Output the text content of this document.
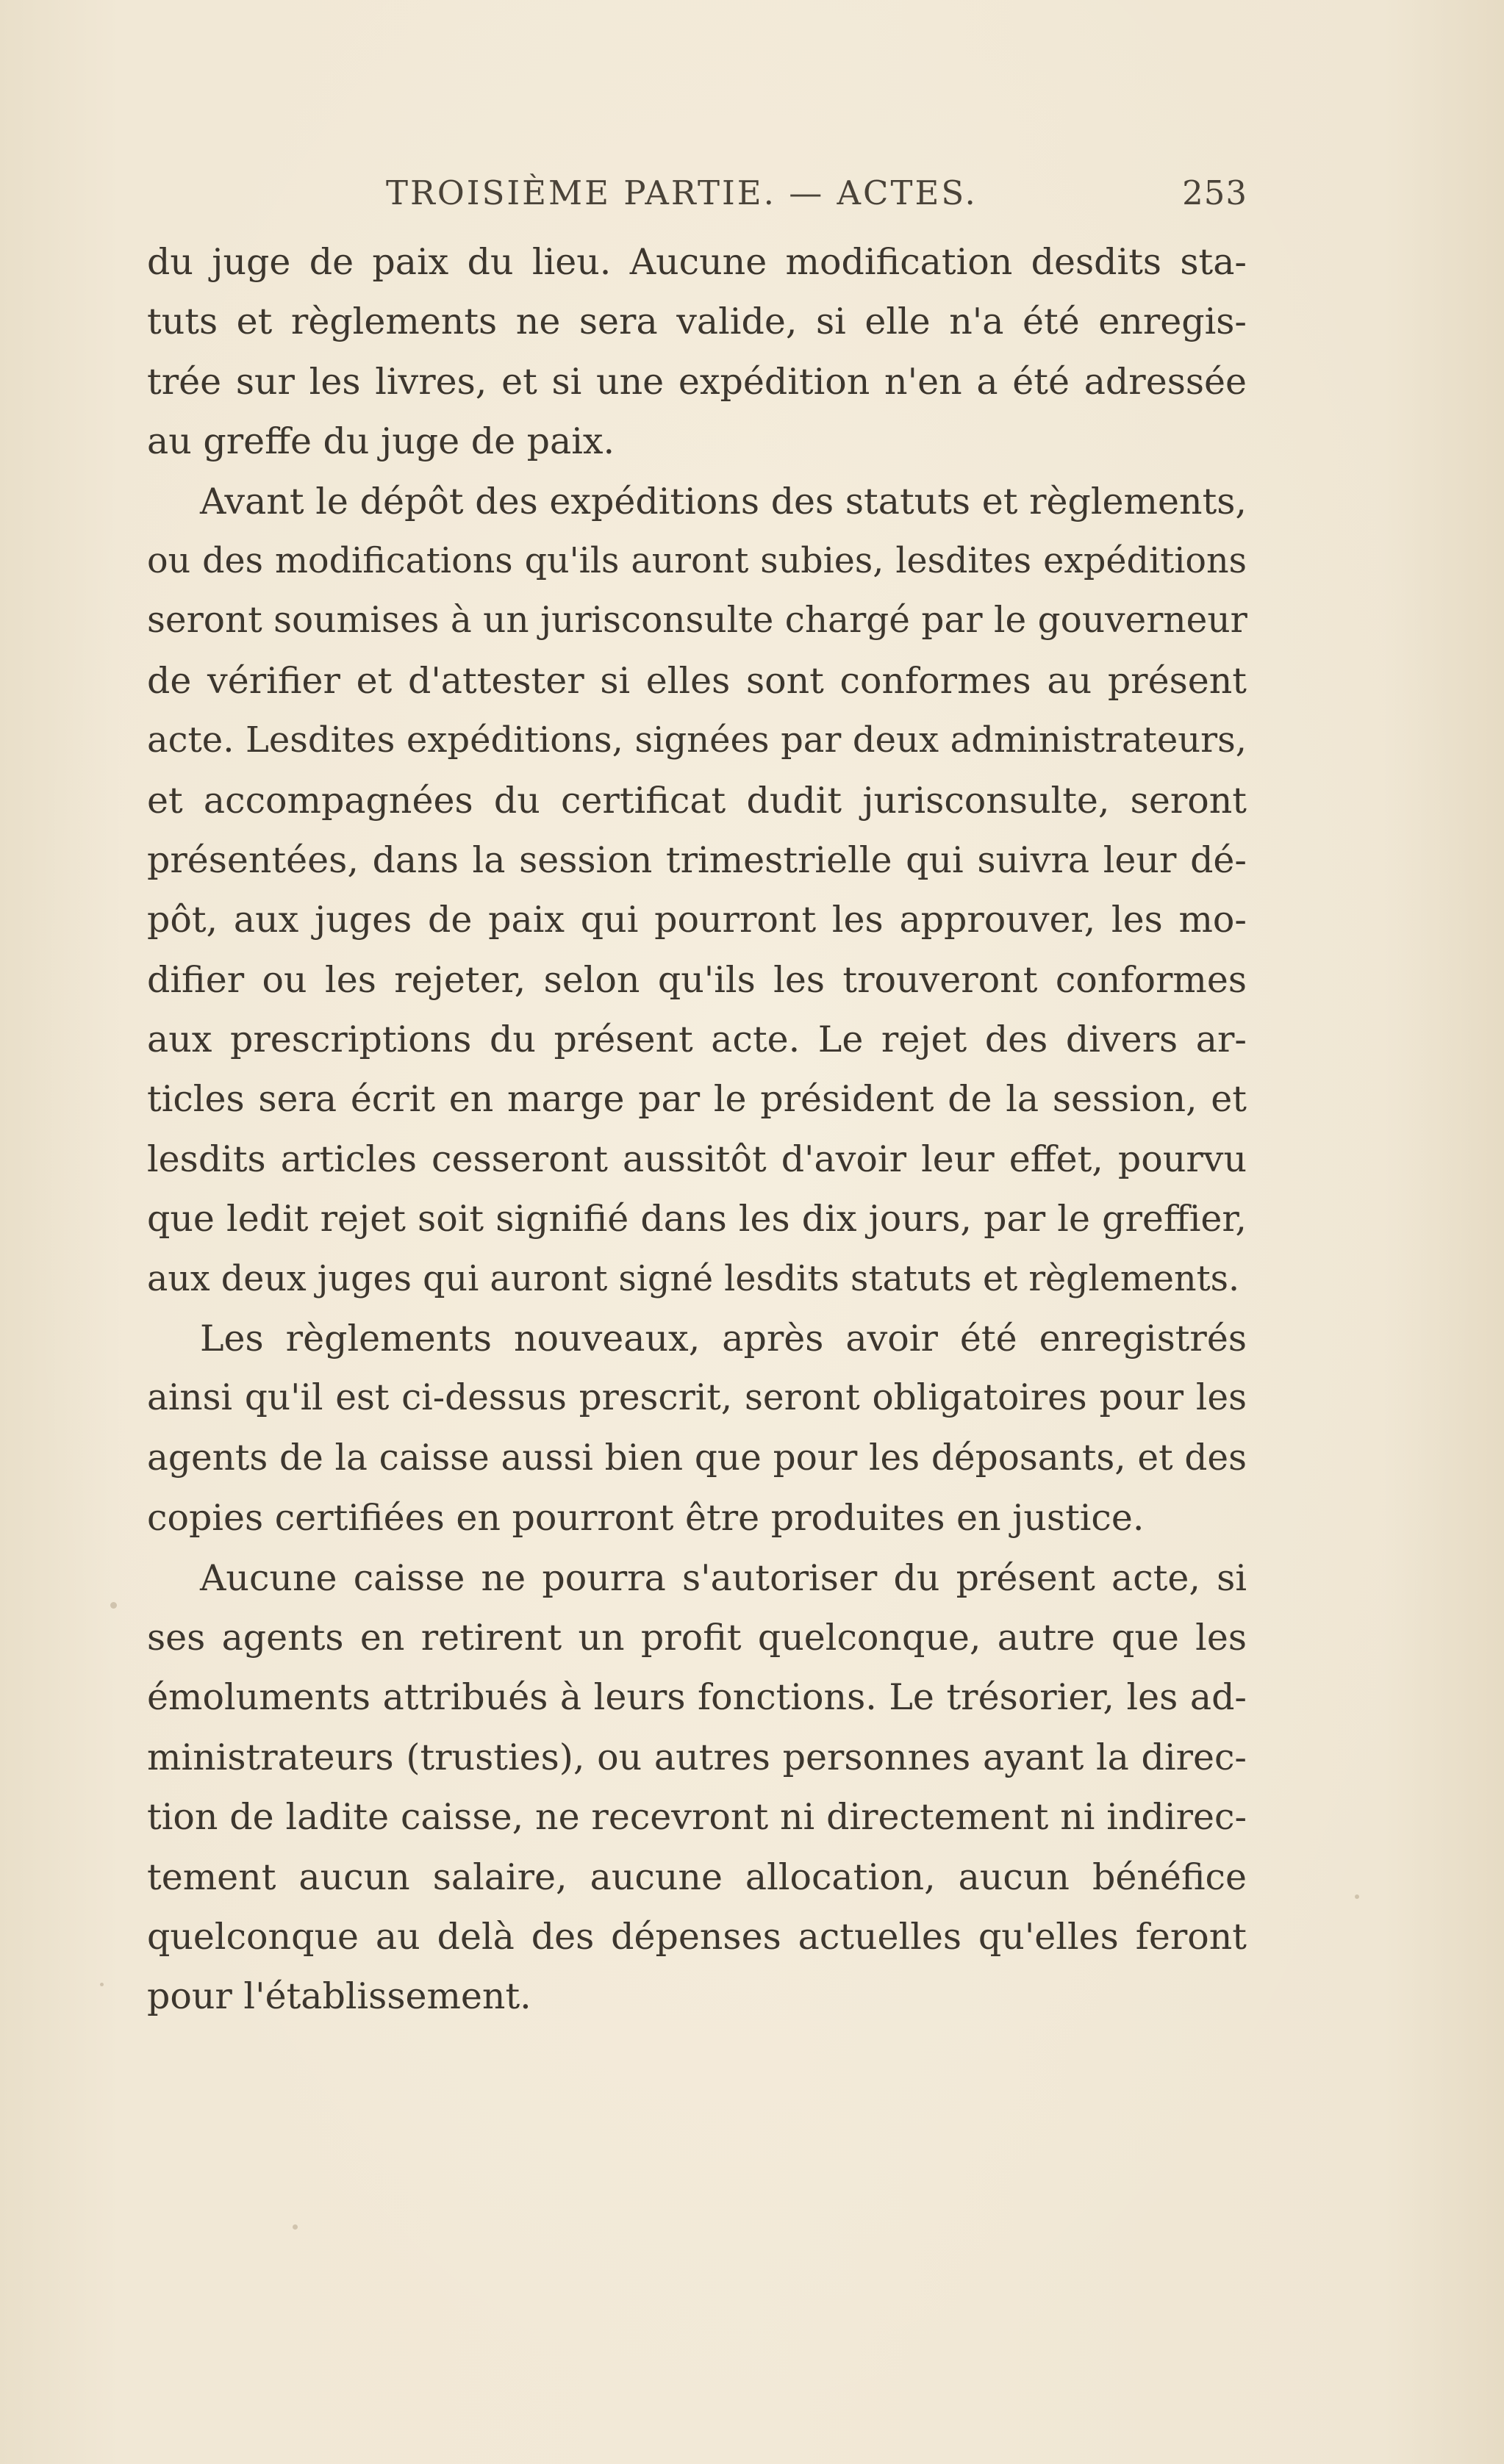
TROISIÈME PARTIE. — ACTES.	253
du juge de paix du lieu. Aucune modification desdits sta-
tuts et règlements ne sera valide, si elle n'a été enregis-
trée sur les livres, et si une expédition n'en a été adressée
au greffe du juge de paix.
Avant le dépôt des expéditions des statuts et règlements,
ou des modifications qu'ils auront subies, lesdites expéditions
seront soumises à un jurisconsulte chargé par le gouverneur
de vérifier et d'attester si elles sont conformes au présent
acte. Lesdites expéditions, signées par deux administrateurs,
et accompagnées du certificat dudit jurisconsulte, seront
présentées, dans la session trimestrielle qui suivra leur dé-
pôt, aux juges de paix qui pourront les approuver, les mo-
difier ou les rejeter, selon qu'ils les trouveront conformes
aux prescriptions du présent acte. Le rejet des divers ar-
ticles sera écrit en marge par le président de la session, et
lesdits articles cesseront aussitôt d'avoir leur effet, pourvu
que ledit rejet soit signifié dans les dix jours, par le greffier,
aux deux juges qui auront signé lesdits statuts et règlements.
Les règlements nouveaux, après avoir été enregistrés
ainsi qu'il est ci-dessus prescrit, seront obligatoires pour les
agents de la caisse aussi bien que pour les déposants, et des
copies certifiées en pourront être produites en justice.
Aucune caisse ne pourra s'autoriser du présent acte, si
ses agents en retirent un profit quelconque, autre que les
émoluments attribués à leurs fonctions. Le trésorier, les ad-
ministrateurs (trusties), ou autres personnes ayant la direc-
tion de ladite caisse, ne recevront ni directement ni indirec-
tement aucun salaire, aucune allocation, aucun bénéfice
quelconque au delà des dépenses actuelles qu'elles feront
pour l'établissement.
